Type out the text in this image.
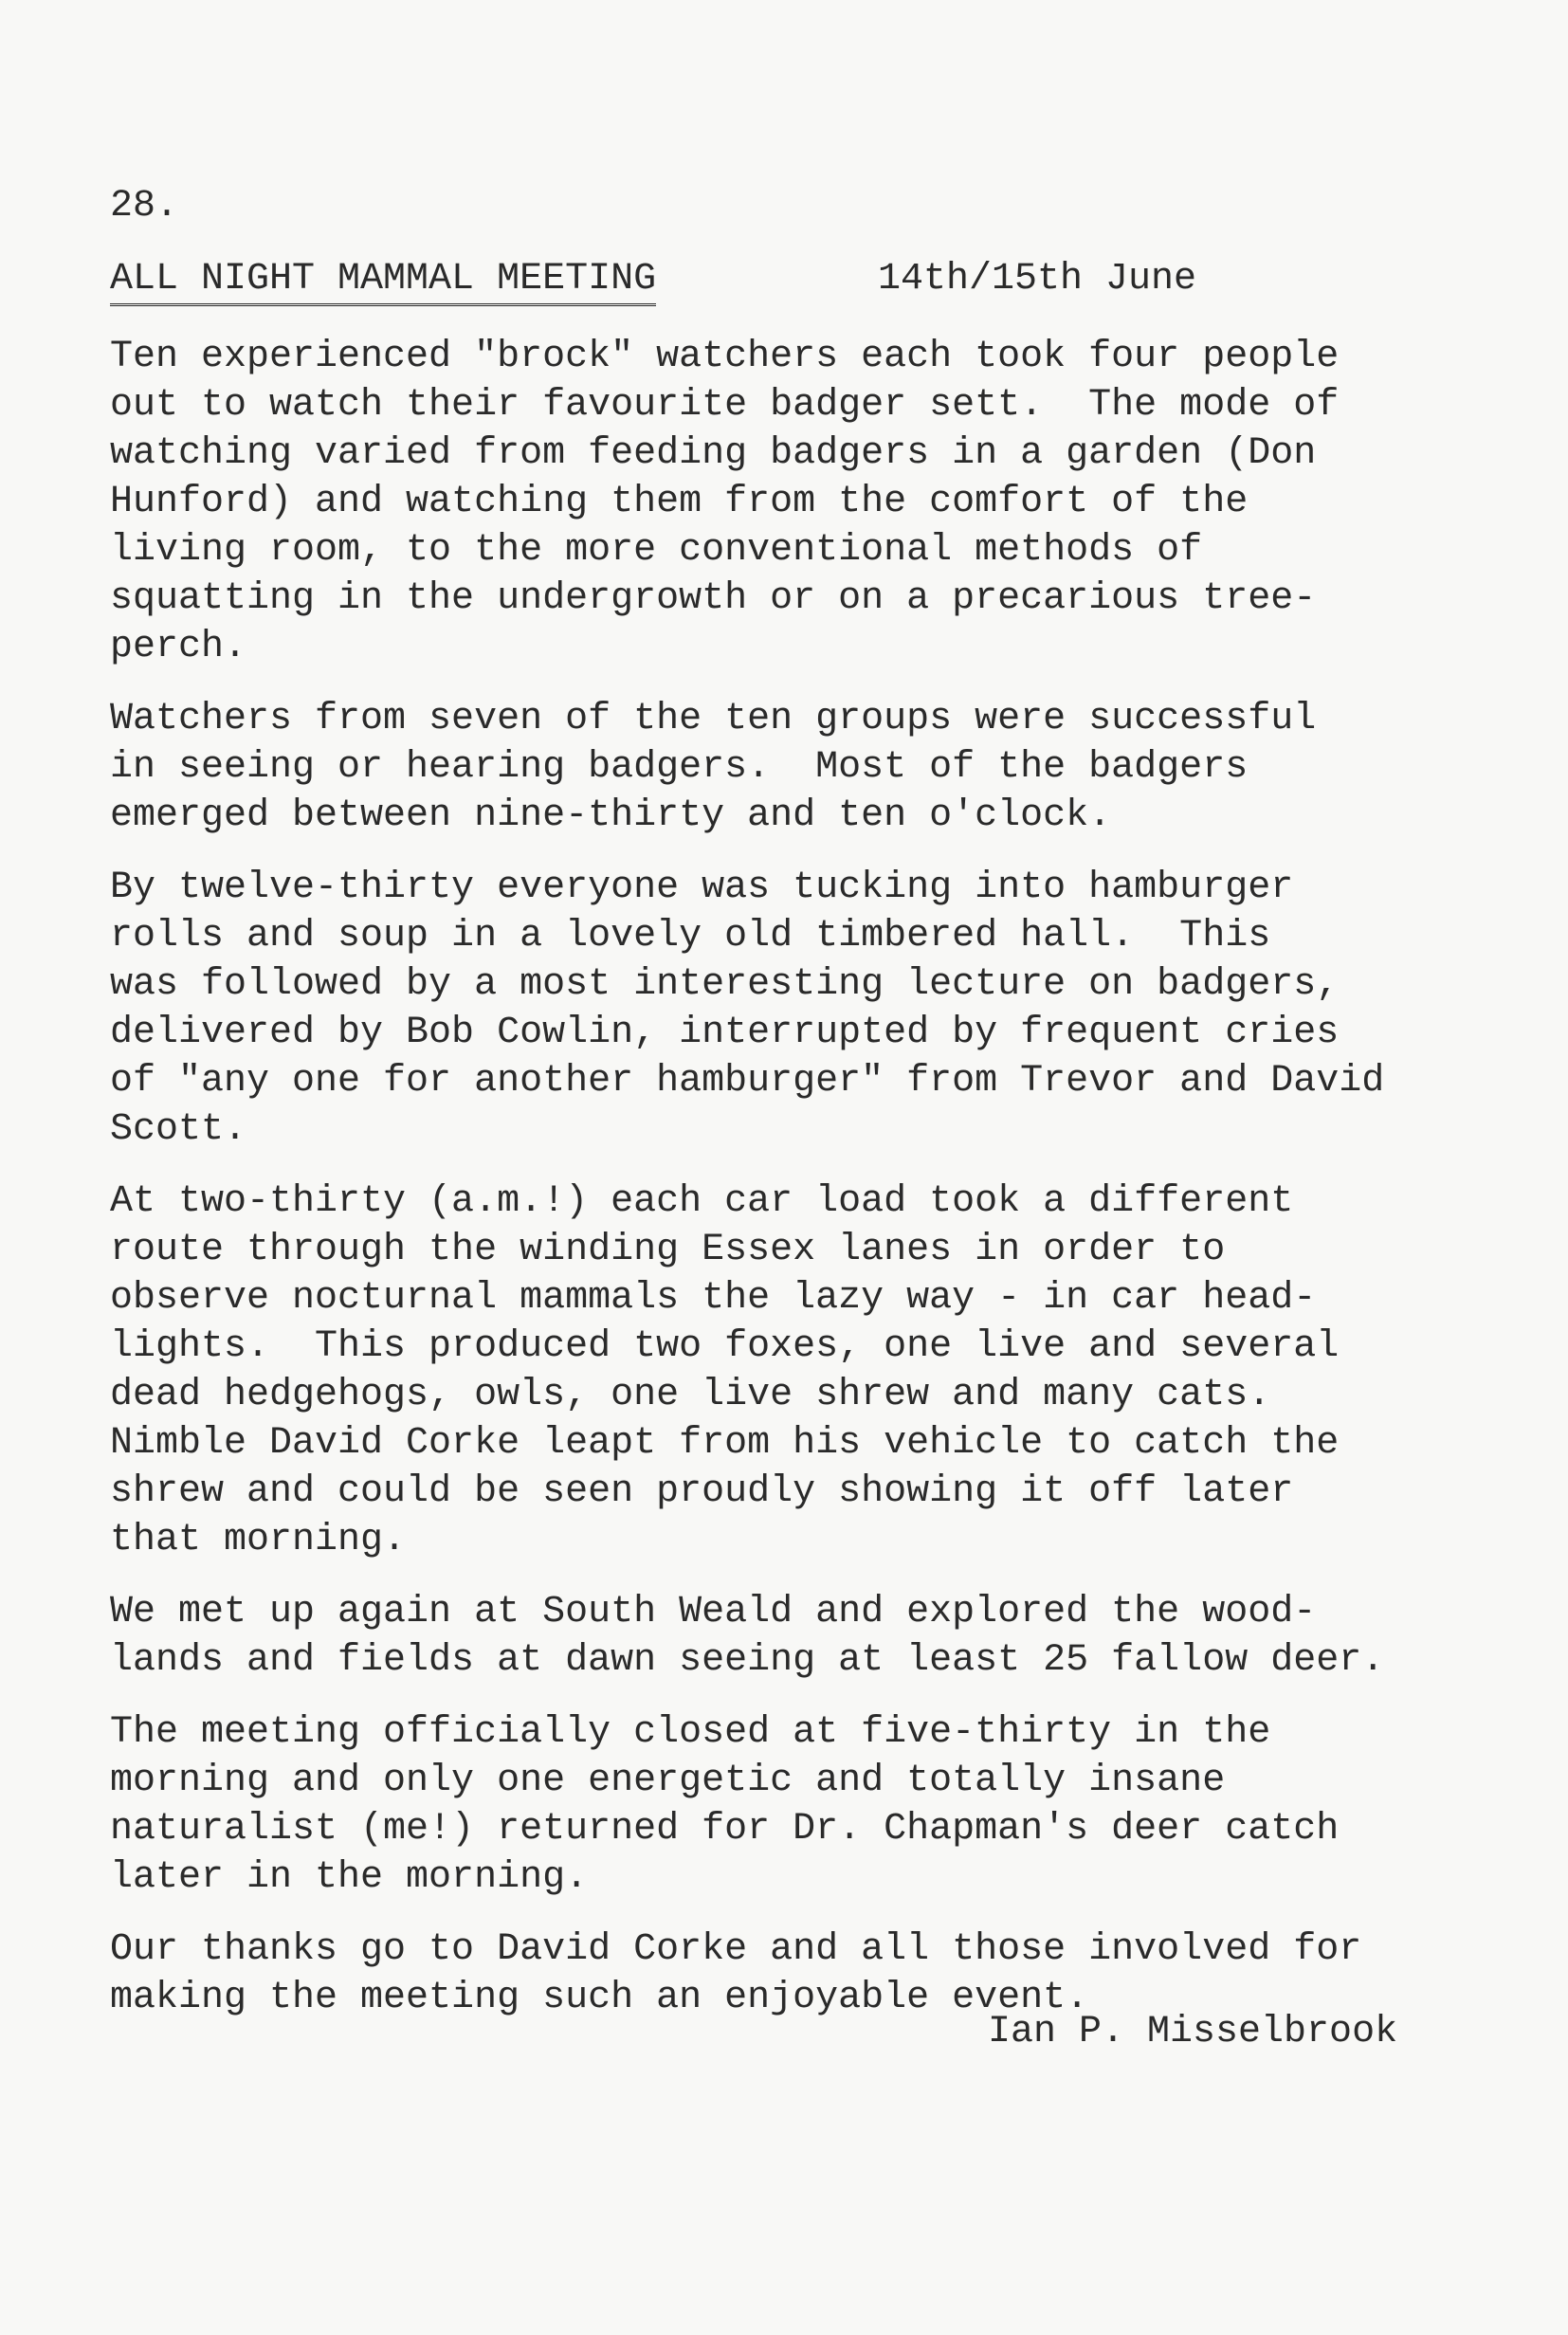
28.
ALL NIGHT MAMMAL MEETING	14th/15th June

Ten experienced "brock" watchers each took four people
out to watch their favourite badger sett.  The mode of
watching varied from feeding badgers in a garden (Don
Hunford) and watching them from the comfort of the
living room, to the more conventional methods of
squatting in the undergrowth or on a precarious tree-
perch.

Watchers from seven of the ten groups were successful
in seeing or hearing badgers.  Most of the badgers
emerged between nine-thirty and ten o'clock.

By twelve-thirty everyone was tucking into hamburger
rolls and soup in a lovely old timbered hall.  This
was followed by a most interesting lecture on badgers,
delivered by Bob Cowlin, interrupted by frequent cries
of "any one for another hamburger" from Trevor and David
Scott.

At two-thirty (a.m.!) each car load took a different
route through the winding Essex lanes in order to
observe nocturnal mammals the lazy way - in car head-
lights.  This produced two foxes, one live and several
dead hedgehogs, owls, one live shrew and many cats.
Nimble David Corke leapt from his vehicle to catch the
shrew and could be seen proudly showing it off later
that morning.

We met up again at South Weald and explored the wood-
lands and fields at dawn seeing at least 25 fallow deer.

The meeting officially closed at five-thirty in the
morning and only one energetic and totally insane
naturalist (me!) returned for Dr. Chapman's deer catch
later in the morning.

Our thanks go to David Corke and all those involved for
making the meeting such an enjoyable event.

Ian P. Misselbrook
